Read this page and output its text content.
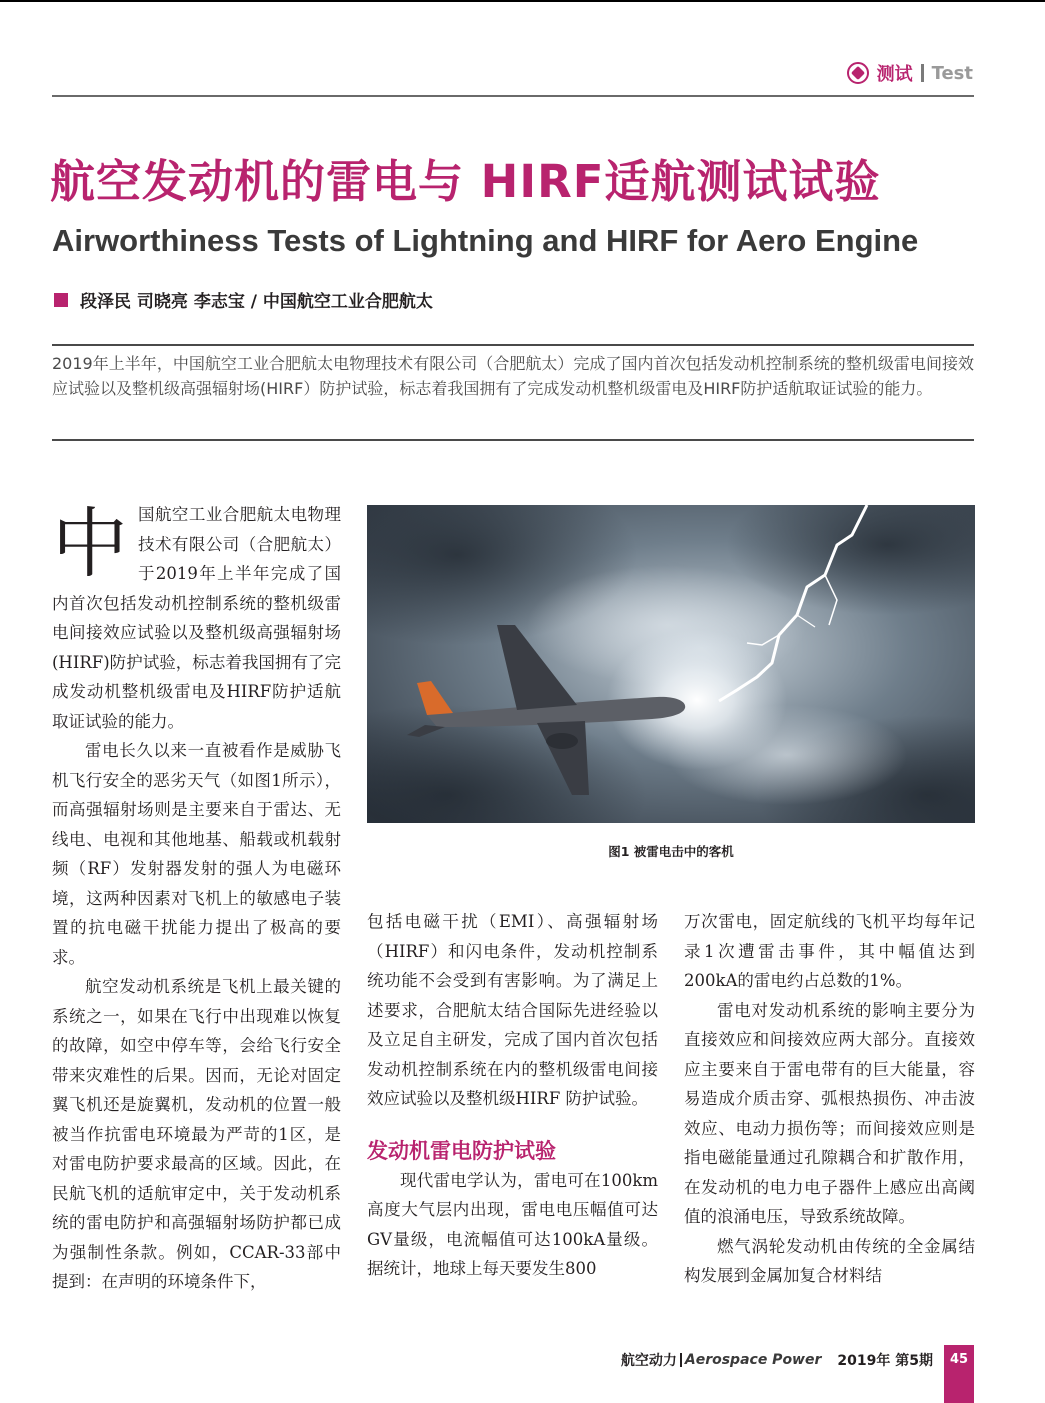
测试 Test
航空发动机的雷电与 HIRF适航测试试验
Airworthiness Tests of Lightning and HIRF for Aero Engine
段泽民 司晓亮 李志宝 / 中国航空工业合肥航太

2019年上半年，中国航空工业合肥航太电物理技术有限公司（合肥航太）完成了国内首次包括发动机控制系统的整机级雷电间接效应试验以及整机级高强辐射场(HIRF）防护试验，标志着我国拥有了完成发动机整机级雷电及HIRF防护适航取证试验的能力。

中国航空工业合肥航太电物理技术有限公司（合肥航太）于2019年上半年完成了国内首次包括发动机控制系统的整机级雷电间接效应试验以及整机级高强辐射场(HIRF)防护试验，标志着我国拥有了完成发动机整机级雷电及HIRF防护适航取证试验的能力。

雷电长久以来一直被看作是威胁飞机飞行安全的恶劣天气（如图1所示），而高强辐射场则是主要来自于雷达、无线电、电视和其他地基、船载或机载射频（RF）发射器发射的强人为电磁环境，这两种因素对飞机上的敏感电子装置的抗电磁干扰能力提出了极高的要求。

航空发动机系统是飞机上最关键的系统之一，如果在飞行中出现难以恢复的故障，如空中停车等，会给飞行安全带来灾难性的后果。因而，无论对固定翼飞机还是旋翼机，发动机的位置一般被当作抗雷电环境最为严苛的1区，是对雷电防护要求最高的区域。因此，在民航飞机的适航审定中，关于发动机系统的雷电防护和高强辐射场防护都已成为强制性条款。例如，CCAR-33部中提到：在声明的环境条件下，

图1 被雷电击中的客机

包括电磁干扰（EMI）、高强辐射场（HIRF）和闪电条件，发动机控制系统功能不会受到有害影响。为了满足上述要求，合肥航太结合国际先进经验以及立足自主研发，完成了国内首次包括发动机控制系统在内的整机级雷电间接效应试验以及整机级HIRF 防护试验。

发动机雷电防护试验

现代雷电学认为，雷电可在100km高度大气层内出现，雷电电压幅值可达GV量级，电流幅值可达100kA量级。据统计，地球上每天要发生800

万次雷电，固定航线的飞机平均每年记录1次遭雷击事件，其中幅值达到200kA的雷电约占总数的1%。

雷电对发动机系统的影响主要分为直接效应和间接效应两大部分。直接效应主要来自于雷电带有的巨大能量，容易造成介质击穿、弧根热损伤、冲击波效应、电动力损伤等；而间接效应则是指电磁能量通过孔隙耦合和扩散作用，在发动机的电力电子器件上感应出高阈值的浪涌电压，导致系统故障。

燃气涡轮发动机由传统的全金属结构发展到金属加复合材料结

航空动力 Aerospace Power 2019年 第5期	45
